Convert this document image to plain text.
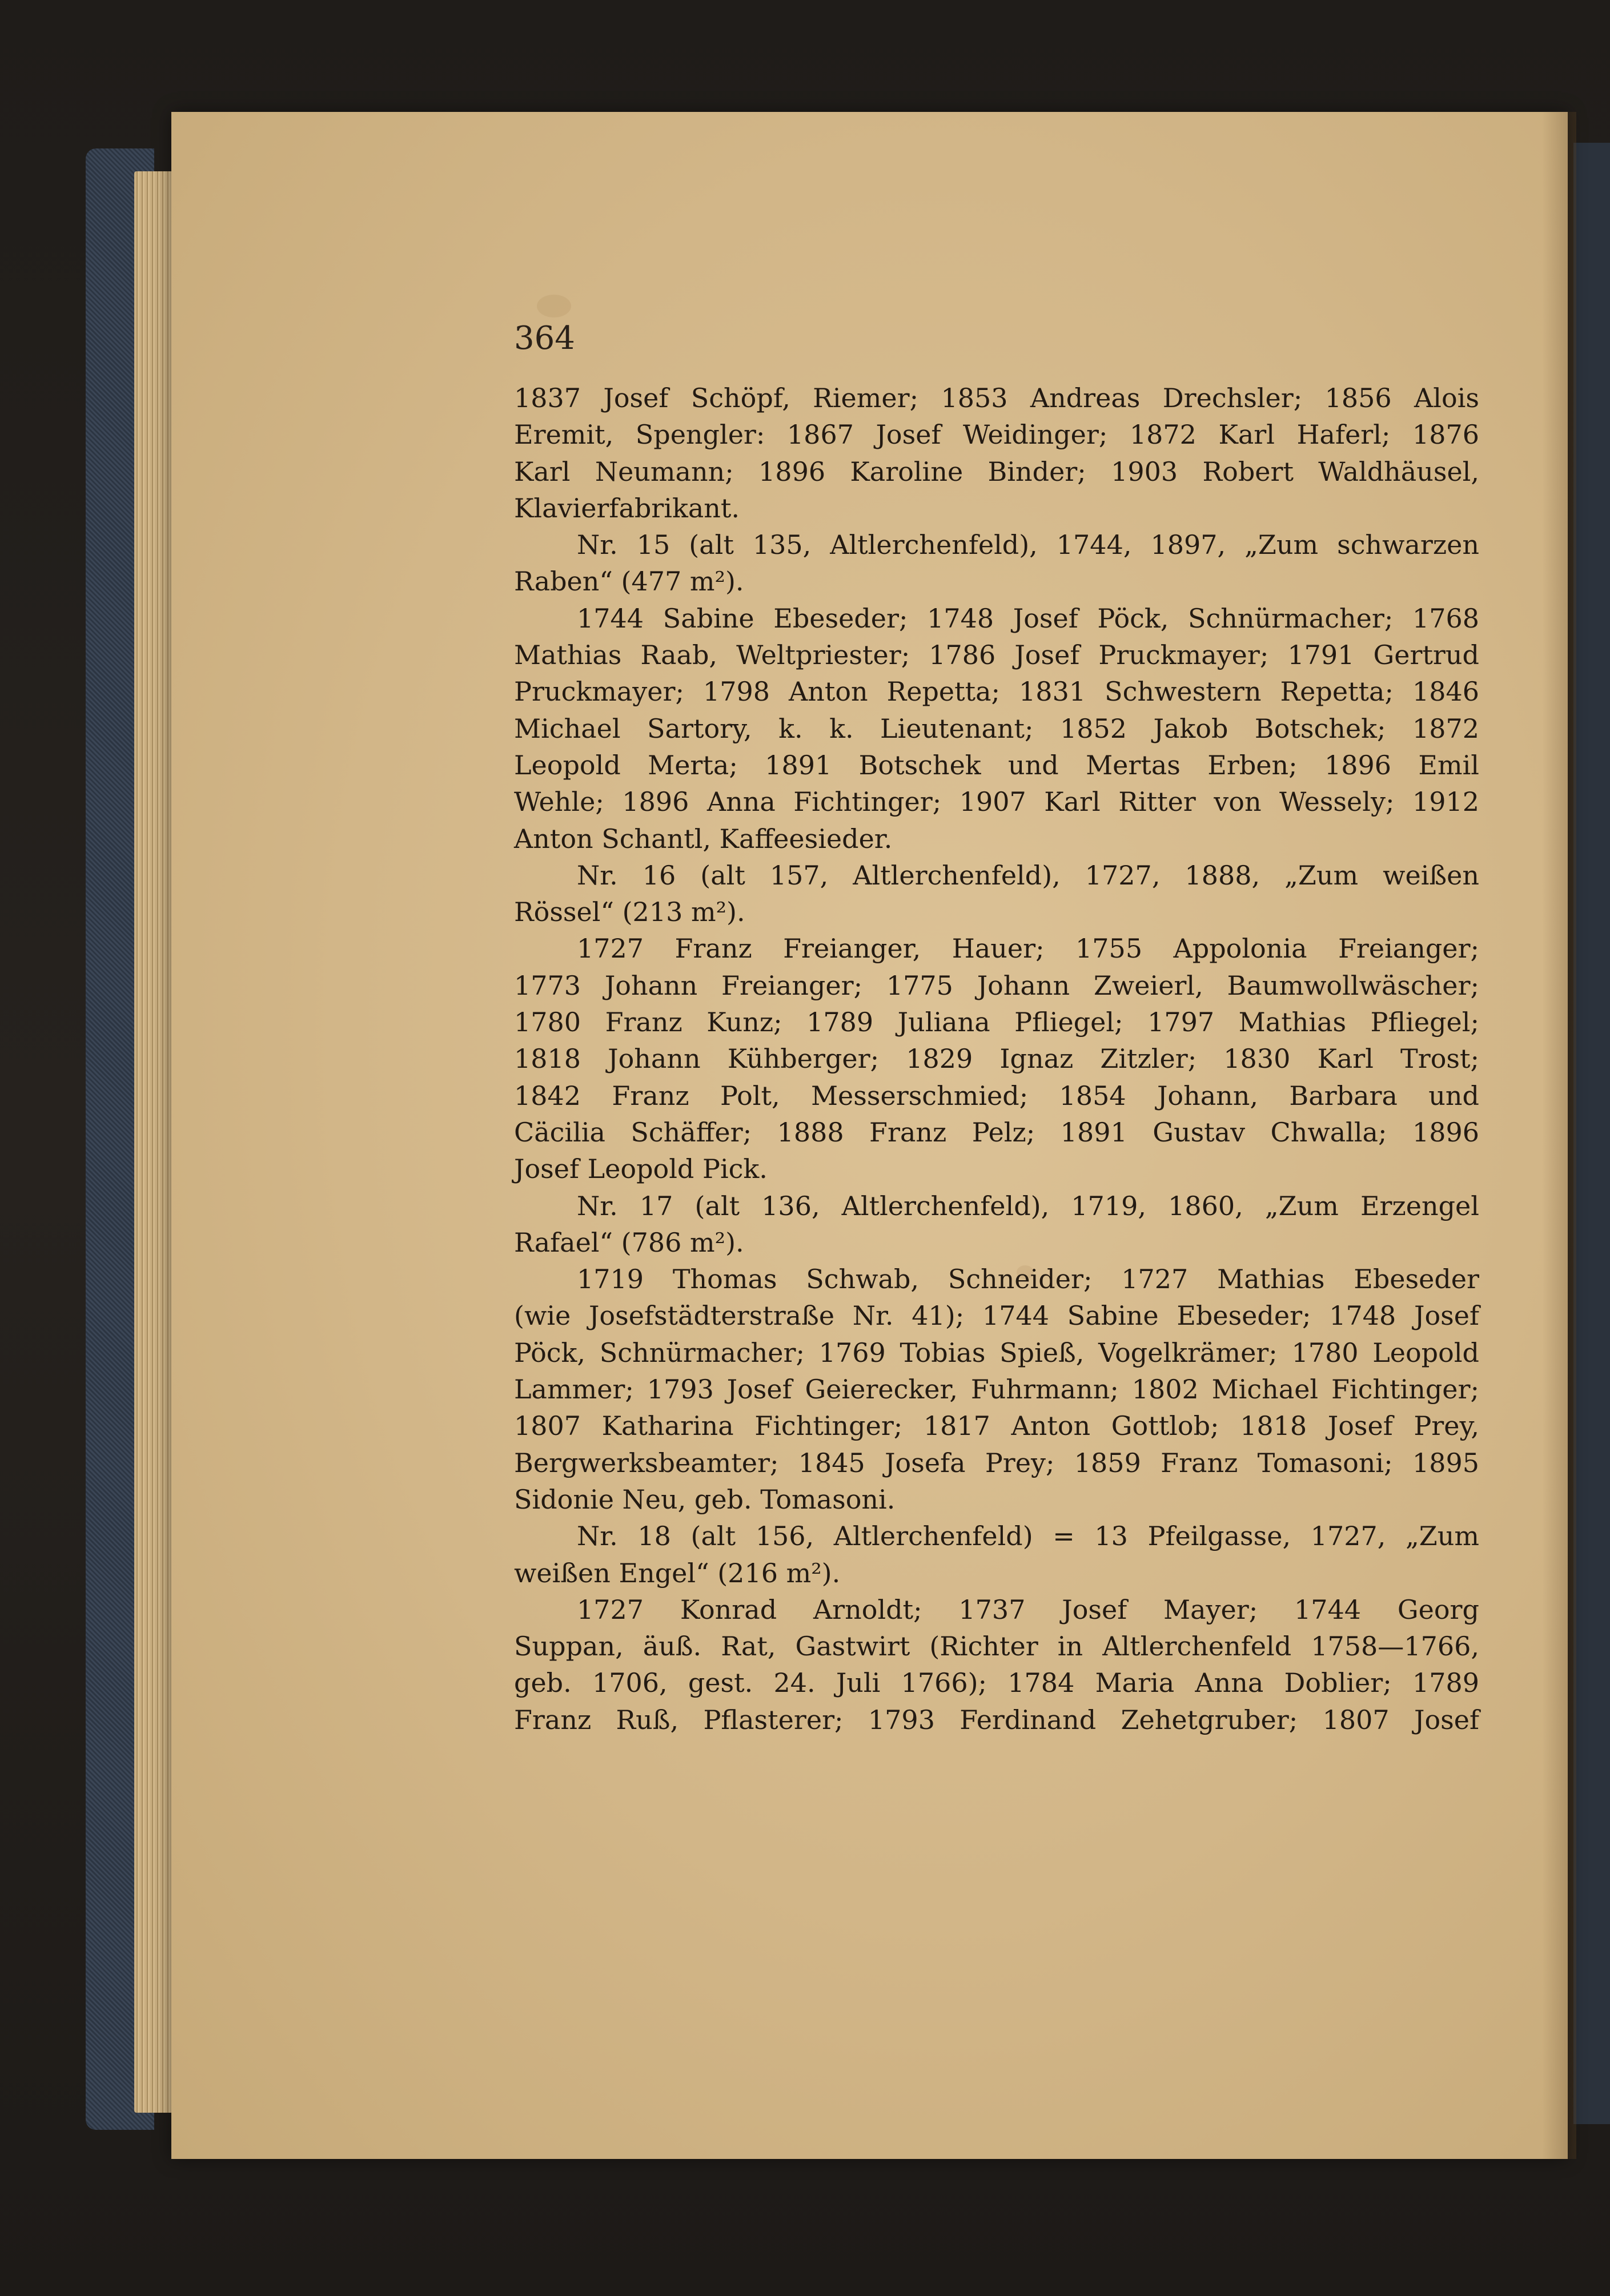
364
1837 Josef Schöpf, Riemer; 1853 Andreas Drechsler; 1856 Alois
Eremit, Spengler: 1867 Josef Weidinger; 1872 Karl Haferl; 1876
Karl Neumann; 1896 Karoline Binder; 1903 Robert Waldhäusel,
Klavierfabrikant.
Nr. 15 (alt 135, Altlerchenfeld), 1744, 1897, „Zum schwarzen
Raben“ (477 m²).
1744 Sabine Ebeseder; 1748 Josef Pöck, Schnürmacher; 1768
Mathias Raab, Weltpriester; 1786 Josef Pruckmayer; 1791 Gertrud
Pruckmayer; 1798 Anton Repetta; 1831 Schwestern Repetta; 1846
Michael Sartory, k. k. Lieutenant; 1852 Jakob Botschek; 1872
Leopold Merta; 1891 Botschek und Mertas Erben; 1896 Emil
Wehle; 1896 Anna Fichtinger; 1907 Karl Ritter von Wessely; 1912
Anton Schantl, Kaffeesieder.
Nr. 16 (alt 157, Altlerchenfeld), 1727, 1888, „Zum weißen
Rössel“ (213 m²).
1727 Franz Freianger, Hauer; 1755 Appolonia Freianger;
1773 Johann Freianger; 1775 Johann Zweierl, Baumwollwäscher;
1780 Franz Kunz; 1789 Juliana Pfliegel; 1797 Mathias Pfliegel;
1818 Johann Kühberger; 1829 Ignaz Zitzler; 1830 Karl Trost;
1842 Franz Polt, Messerschmied; 1854 Johann, Barbara und
Cäcilia Schäffer; 1888 Franz Pelz; 1891 Gustav Chwalla; 1896
Josef Leopold Pick.
Nr. 17 (alt 136, Altlerchenfeld), 1719, 1860, „Zum Erzengel
Rafael“ (786 m²).
1719 Thomas Schwab, Schneider; 1727 Mathias Ebeseder
(wie Josefstädterstraße Nr. 41); 1744 Sabine Ebeseder; 1748 Josef
Pöck, Schnürmacher; 1769 Tobias Spieß, Vogelkrämer; 1780 Leopold
Lammer; 1793 Josef Geierecker, Fuhrmann; 1802 Michael Fichtinger;
1807 Katharina Fichtinger; 1817 Anton Gottlob; 1818 Josef Prey,
Bergwerksbeamter; 1845 Josefa Prey; 1859 Franz Tomasoni; 1895
Sidonie Neu, geb. Tomasoni.
Nr. 18 (alt 156, Altlerchenfeld) = 13 Pfeilgasse, 1727, „Zum
weißen Engel“ (216 m²).
1727 Konrad Arnoldt; 1737 Josef Mayer; 1744 Georg
Suppan, äuß. Rat, Gastwirt (Richter in Altlerchenfeld 1758—1766,
geb. 1706, gest. 24. Juli 1766); 1784 Maria Anna Doblier; 1789
Franz Ruß, Pflasterer; 1793 Ferdinand Zehetgruber; 1807 Josef
